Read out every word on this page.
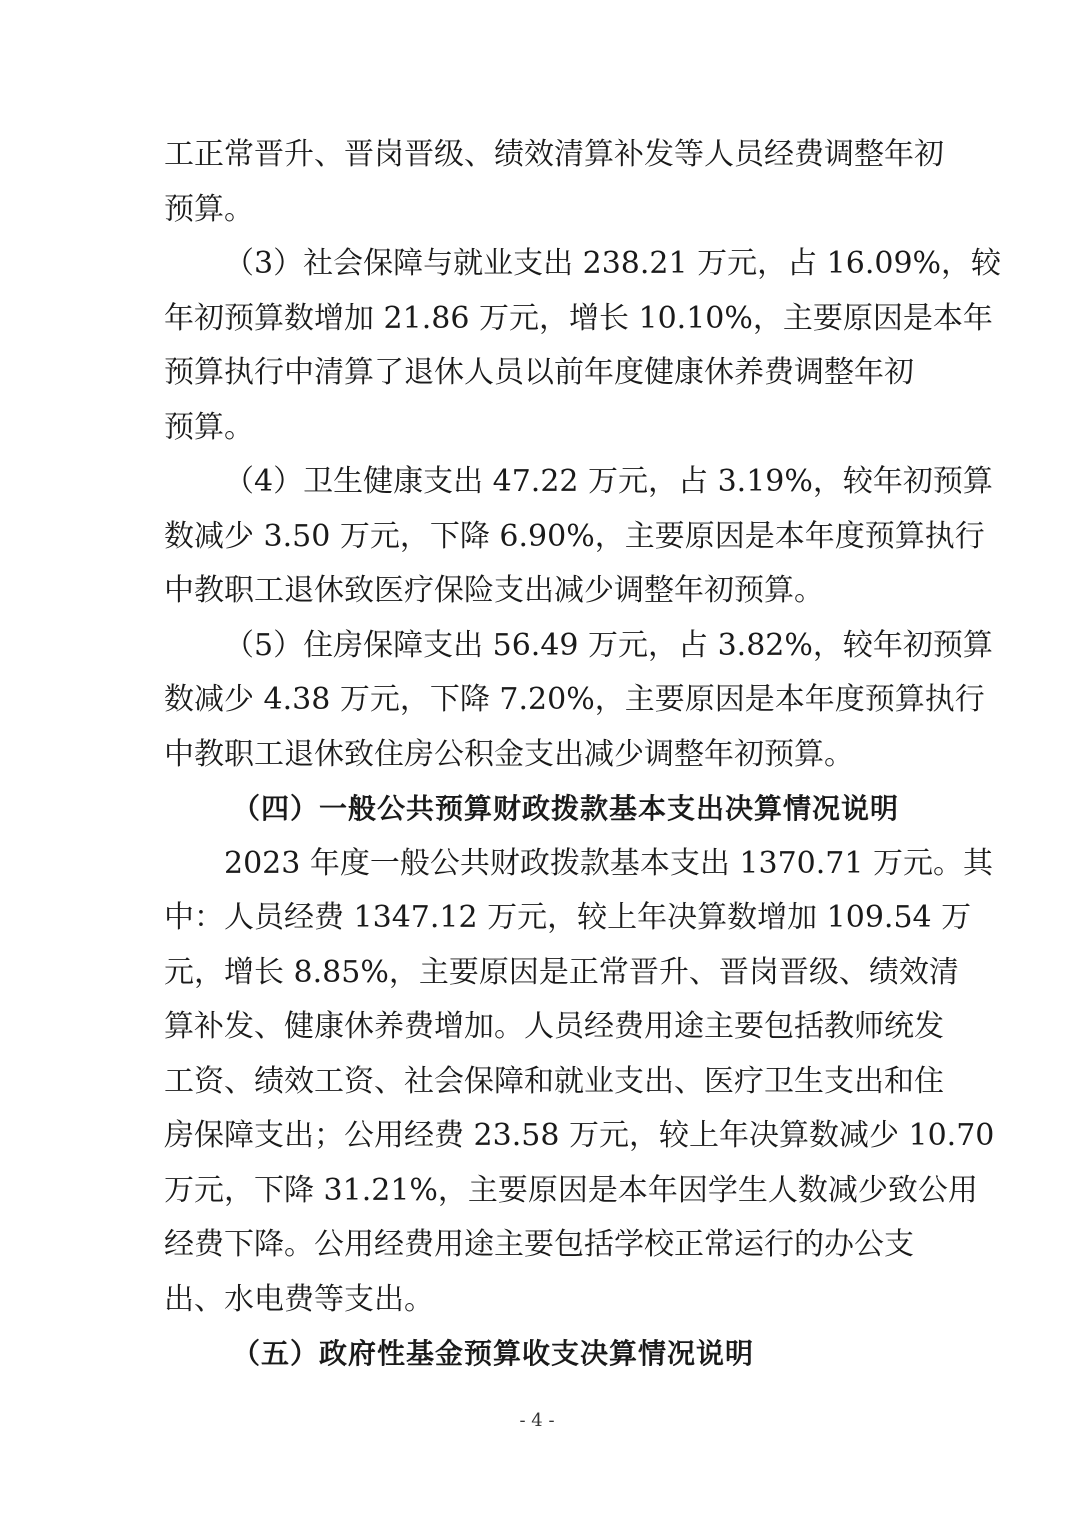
工正常晋升、晋岗晋级、绩效清算补发等人员经费调整年初
预算。
（3）社会保障与就业支出 238.21 万元，占 16.09%，较
年初预算数增加 21.86 万元，增长 10.10%，主要原因是本年
预算执行中清算了退休人员以前年度健康休养费调整年初
预算。
（4）卫生健康支出 47.22 万元，占 3.19%，较年初预算
数减少 3.50 万元，下降 6.90%，主要原因是本年度预算执行
中教职工退休致医疗保险支出减少调整年初预算。
（5）住房保障支出 56.49 万元，占 3.82%，较年初预算
数减少 4.38 万元，下降 7.20%，主要原因是本年度预算执行
中教职工退休致住房公积金支出减少调整年初预算。
（四）一般公共预算财政拨款基本支出决算情况说明
2023 年度一般公共财政拨款基本支出 1370.71 万元。其
中：人员经费 1347.12 万元，较上年决算数增加 109.54 万
元，增长 8.85%，主要原因是正常晋升、晋岗晋级、绩效清
算补发、健康休养费增加。人员经费用途主要包括教师统发
工资、绩效工资、社会保障和就业支出、医疗卫生支出和住
房保障支出；公用经费 23.58 万元，较上年决算数减少 10.70
万元，下降 31.21%，主要原因是本年因学生人数减少致公用
经费下降。公用经费用途主要包括学校正常运行的办公支
出、水电费等支出。
（五）政府性基金预算收支决算情况说明
- 4 -
